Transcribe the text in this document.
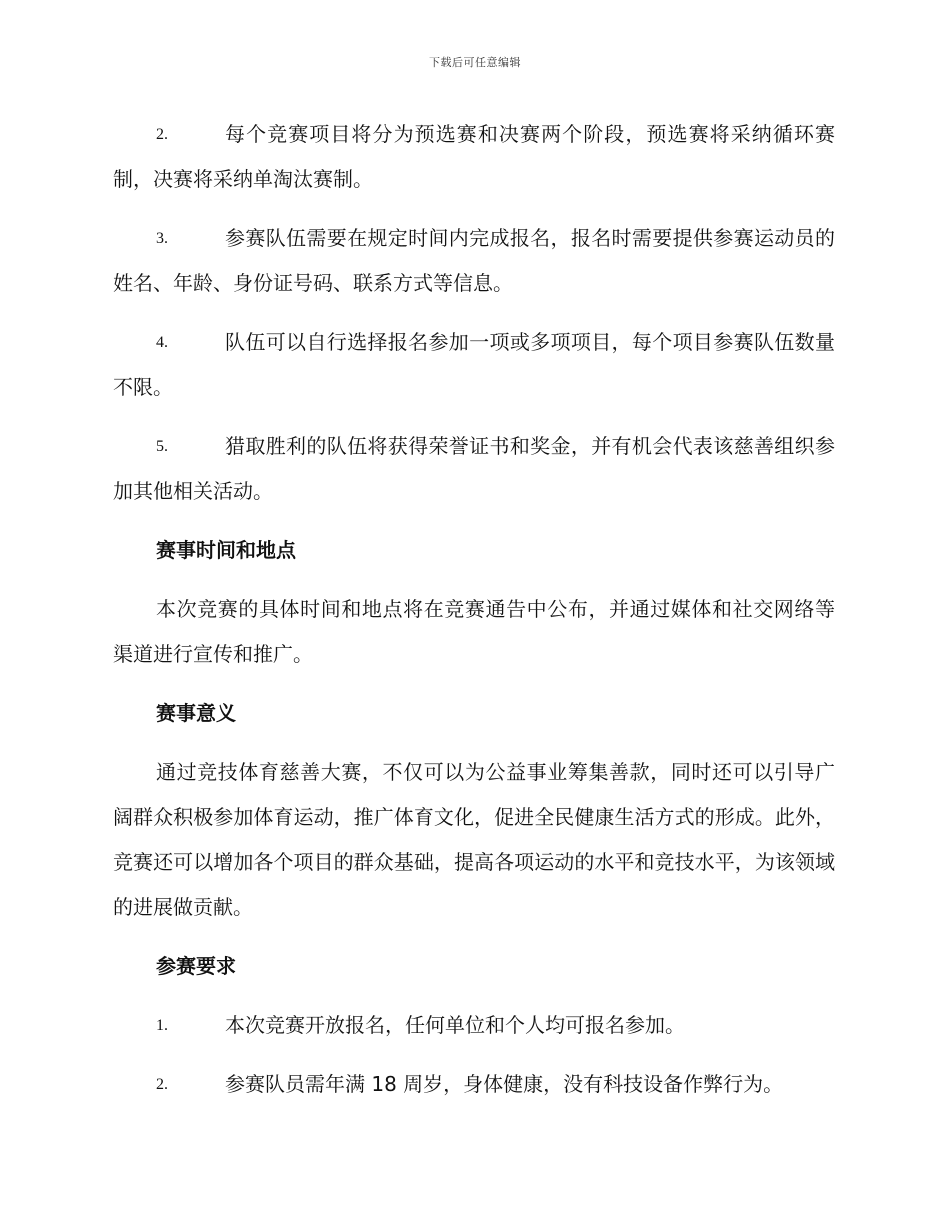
下载后可任意编辑

2.	每个竞赛项目将分为预选赛和决赛两个阶段，预选赛将采纳循环赛制，决赛将采纳单淘汰赛制。

3.	参赛队伍需要在规定时间内完成报名，报名时需要提供参赛运动员的姓名、年龄、身份证号码、联系方式等信息。

4.	队伍可以自行选择报名参加一项或多项项目，每个项目参赛队伍数量不限。

5.	猎取胜利的队伍将获得荣誉证书和奖金，并有机会代表该慈善组织参加其他相关活动。

赛事时间和地点

本次竞赛的具体时间和地点将在竞赛通告中公布，并通过媒体和社交网络等渠道进行宣传和推广。

赛事意义

通过竞技体育慈善大赛，不仅可以为公益事业筹集善款，同时还可以引导广阔群众积极参加体育运动，推广体育文化，促进全民健康生活方式的形成。此外，竞赛还可以增加各个项目的群众基础，提高各项运动的水平和竞技水平，为该领域的进展做贡献。

参赛要求

1.	本次竞赛开放报名，任何单位和个人均可报名参加。

2.	参赛队员需年满 18 周岁，身体健康，没有科技设备作弊行为。
